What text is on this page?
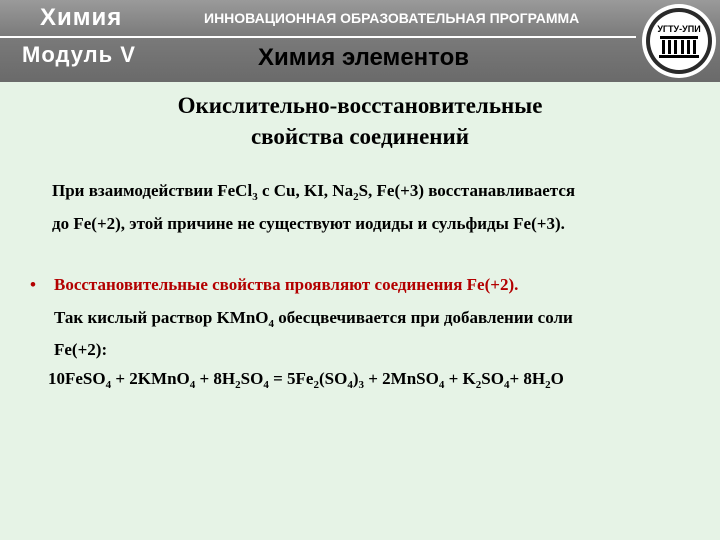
Химия	ИННОВАЦИОННАЯ ОБРАЗОВАТЕЛЬНАЯ ПРОГРАММА
Модуль V	Химия элементов
УГТУ-УПИ
Окислительно-восстановительные
свойства соединений
При взаимодействии FeCl$_3$ с Cu, KI, $Na_2S$, Fe(+3) восстанавливается
до Fe(+2), этой причине не существуют иодиды и сульфиды Fe(+3).
• Восстановительные свойства проявляют соединения Fe(+2).
Так кислый раствор KMnO$_4$ обесцвечивается при добавлении соли
Fe(+2):
10FeSO$_4$ + 2KMnO$_4$ + $8H_2SO_4 = 5Fe_2(SO_4)_3$ + 2MnSO$_4$ + $K_2SO_4+ 8H_2O$
